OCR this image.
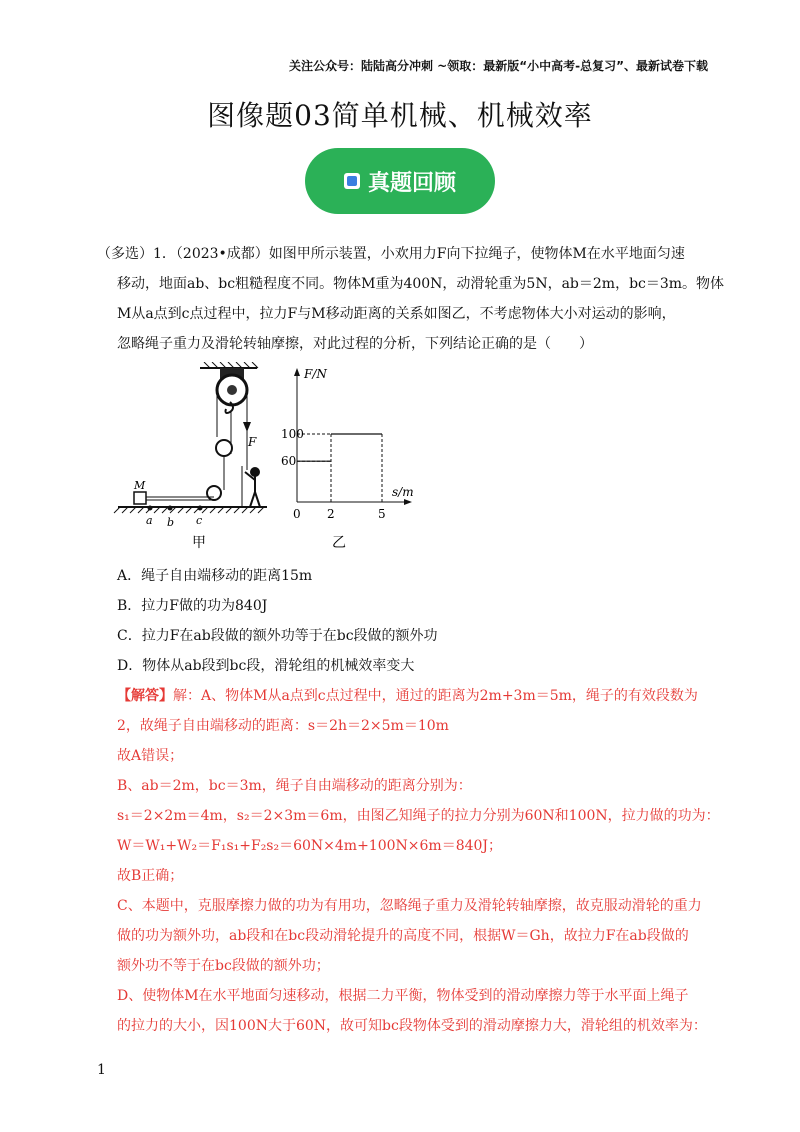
关注公众号：陆陆高分冲刺 ~领取：最新版“小中高考-总复习”、最新试卷下载
图像题03简单机械、机械效率
真题回顾
（多选）1．（2023•成都）如图甲所示装置，小欢用力F向下拉绳子，使物体M在水平地面匀速
移动，地面ab、bc粗糙程度不同。物体M重为400N，动滑轮重为5N，ab＝2m，bc＝3m。物体
M从a点到c点过程中，拉力F与M移动距离的关系如图乙，不考虑物体大小对运动的影响，
忽略绳子重力及滑轮转轴摩擦，对此过程的分析，下列结论正确的是（　　）
F
M
a b c
甲
F/N
s/m
0
100
60
2	5
乙
A．绳子自由端移动的距离15m
B．拉力F做的功为840J
C．拉力F在ab段做的额外功等于在bc段做的额外功
D．物体从ab段到bc段，滑轮组的机械效率变大
【解答】解：A、物体M从a点到c点过程中，通过的距离为2m+3m＝5m，绳子的有效段数为
2，故绳子自由端移动的距离：s＝2h＝2×5m＝10m
故A错误；
B、ab＝2m，bc＝3m，绳子自由端移动的距离分别为：
s₁＝2×2m＝4m，s₂＝2×3m＝6m，由图乙知绳子的拉力分别为60N和100N，拉力做的功为：
W＝W₁+W₂＝F₁s₁+F₂s₂＝60N×4m+100N×6m＝840J；
故B正确；
C、本题中，克服摩擦力做的功为有用功，忽略绳子重力及滑轮转轴摩擦，故克服动滑轮的重力
做的功为额外功，ab段和在bc段动滑轮提升的高度不同，根据W＝Gh，故拉力F在ab段做的
额外功不等于在bc段做的额外功；
D、使物体M在水平地面匀速移动，根据二力平衡，物体受到的滑动摩擦力等于水平面上绳子
的拉力的大小，因100N大于60N，故可知bc段物体受到的滑动摩擦力大，滑轮组的机效率为：
1
